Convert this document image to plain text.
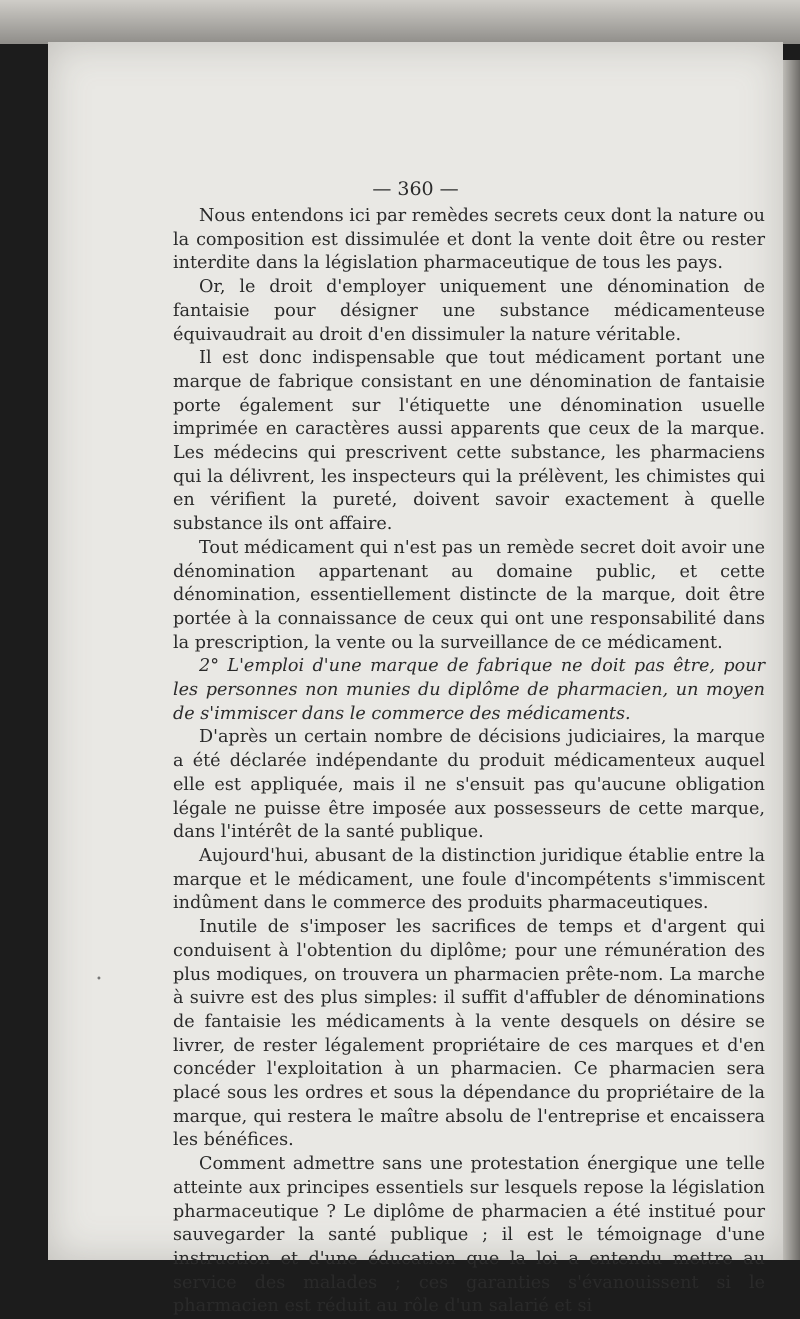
— 360 —
•

Nous entendons ici par remèdes secrets ceux dont la nature ou la composition est dissimulée et dont la vente doit être ou rester interdite dans la législation pharmaceutique de tous les pays.

Or, le droit d'employer uniquement une dénomination de fantaisie pour désigner une substance médicamenteuse équivaudrait au droit d'en dissimuler la nature véritable.

Il est donc indispensable que tout médicament portant une marque de fabrique consistant en une dénomination de fantaisie porte également sur l'étiquette une dénomination usuelle imprimée en caractères aussi apparents que ceux de la marque. Les médecins qui prescrivent cette substance, les pharmaciens qui la délivrent, les inspecteurs qui la prélèvent, les chimistes qui en vérifient la pureté, doivent savoir exactement à quelle substance ils ont affaire.

Tout médicament qui n'est pas un remède secret doit avoir une dénomination appartenant au domaine public, et cette dénomination, essentiellement distincte de la marque, doit être portée à la connaissance de ceux qui ont une responsabilité dans la prescription, la vente ou la surveillance de ce médicament.

2° L'emploi d'une marque de fabrique ne doit pas être, pour les personnes non munies du diplôme de pharmacien, un moyen de s'immiscer dans le commerce des médicaments.

D'après un certain nombre de décisions judiciaires, la marque a été déclarée indépendante du produit médicamenteux auquel elle est appliquée, mais il ne s'ensuit pas qu'aucune obligation légale ne puisse être imposée aux possesseurs de cette marque, dans l'intérêt de la santé publique.

Aujourd'hui, abusant de la distinction juridique établie entre la marque et le médicament, une foule d'incompétents s'immiscent indûment dans le commerce des produits pharmaceutiques.

Inutile de s'imposer les sacrifices de temps et d'argent qui conduisent à l'obtention du diplôme; pour une rémunération des plus modiques, on trouvera un pharmacien prête-nom. La marche à suivre est des plus simples: il suffit d'affubler de dénominations de fantaisie les médicaments à la vente desquels on désire se livrer, de rester légalement propriétaire de ces marques et d'en concéder l'exploitation à un pharmacien. Ce pharmacien sera placé sous les ordres et sous la dépendance du propriétaire de la marque, qui restera le maître absolu de l'entreprise et encaissera les bénéfices.

Comment admettre sans une protestation énergique une telle atteinte aux principes essentiels sur lesquels repose la législation pharmaceutique ? Le diplôme de pharmacien a été institué pour sauvegarder la santé publique ; il est le témoignage d'une instruction et d'une éducation que la loi a entendu mettre au service des malades ; ces garanties s'évanouissent si le pharmacien est réduit au rôle d'un salarié et si
